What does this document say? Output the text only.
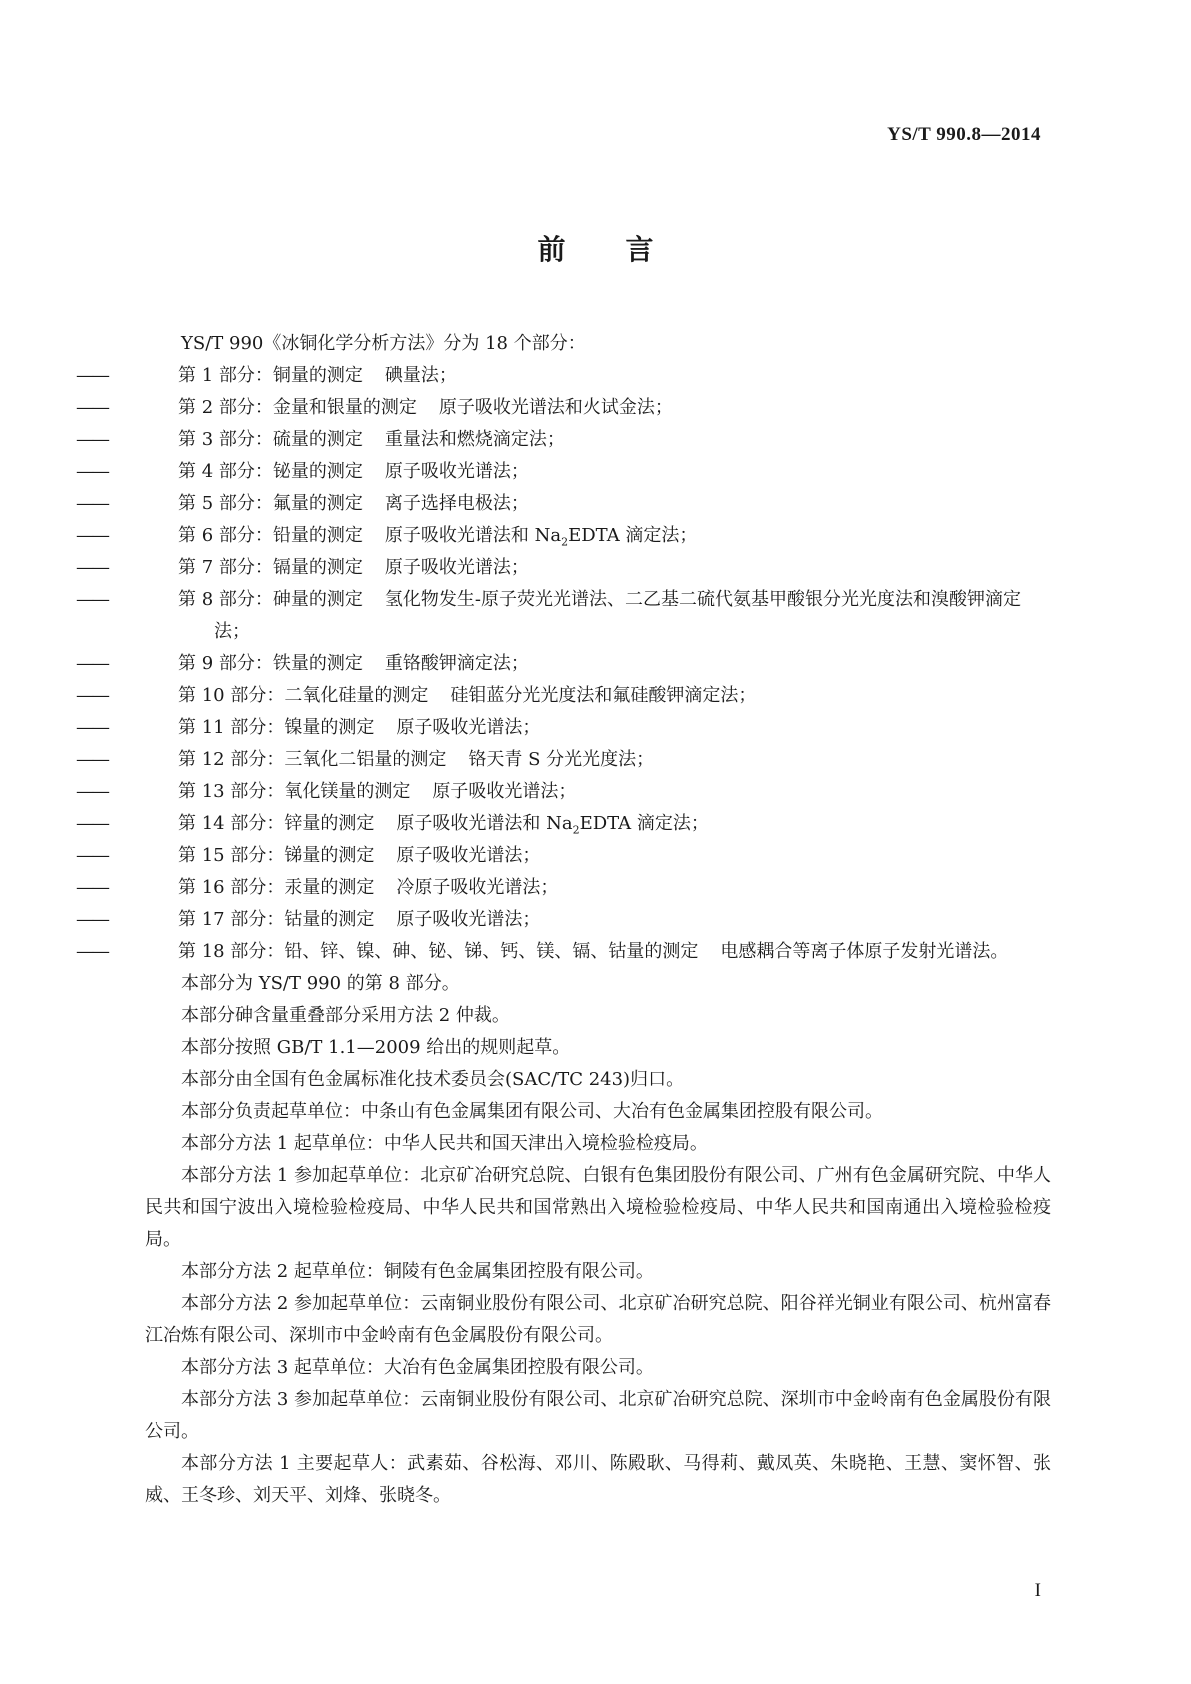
YS/T 990.8—2014
前 言

YS/T 990《冰铜化学分析方法》分为 18 个部分：

——	第 1 部分：铜量的测定 碘量法；

——	第 2 部分：金量和银量的测定 原子吸收光谱法和火试金法；

——	第 3 部分：硫量的测定 重量法和燃烧滴定法；

——	第 4 部分：铋量的测定 原子吸收光谱法；

——	第 5 部分：氟量的测定 离子选择电极法；

——	第 6 部分：铅量的测定 原子吸收光谱法和 $Na_2EDTA$ 滴定法；

——	第 7 部分：镉量的测定 原子吸收光谱法；

——	第 8 部分：砷量的测定 氢化物发生-原子荧光光谱法、二乙基二硫代氨基甲酸银分光光度法和溴酸钾滴定法；

——	第 9 部分：铁量的测定 重铬酸钾滴定法；

——	第 10 部分：二氧化硅量的测定 硅钼蓝分光光度法和氟硅酸钾滴定法；

——	第 11 部分：镍量的测定 原子吸收光谱法；

——	第 12 部分：三氧化二铝量的测定 铬天青 S 分光光度法；

——	第 13 部分：氧化镁量的测定 原子吸收光谱法；

——	第 14 部分：锌量的测定 原子吸收光谱法和 $Na_2EDTA$ 滴定法；

——	第 15 部分：锑量的测定 原子吸收光谱法；

——	第 16 部分：汞量的测定 冷原子吸收光谱法；

——	第 17 部分：钴量的测定 原子吸收光谱法；

——	第 18 部分：铅、锌、镍、砷、铋、锑、钙、镁、镉、钴量的测定 电感耦合等离子体原子发射光谱法。

本部分为 YS/T 990 的第 8 部分。

本部分砷含量重叠部分采用方法 2 仲裁。

本部分按照 GB/T 1.1—2009 给出的规则起草。

本部分由全国有色金属标准化技术委员会(SAC/TC 243)归口。

本部分负责起草单位：中条山有色金属集团有限公司、大冶有色金属集团控股有限公司。

本部分方法 1 起草单位：中华人民共和国天津出入境检验检疫局。

本部分方法 1 参加起草单位：北京矿冶研究总院、白银有色集团股份有限公司、广州有色金属研究院、中华人民共和国宁波出入境检验检疫局、中华人民共和国常熟出入境检验检疫局、中华人民共和国南通出入境检验检疫局。

本部分方法 2 起草单位：铜陵有色金属集团控股有限公司。

本部分方法 2 参加起草单位：云南铜业股份有限公司、北京矿冶研究总院、阳谷祥光铜业有限公司、杭州富春江冶炼有限公司、深圳市中金岭南有色金属股份有限公司。

本部分方法 3 起草单位：大冶有色金属集团控股有限公司。

本部分方法 3 参加起草单位：云南铜业股份有限公司、北京矿冶研究总院、深圳市中金岭南有色金属股份有限公司。

本部分方法 1 主要起草人：武素茹、谷松海、邓川、陈殿耿、马得莉、戴凤英、朱晓艳、王慧、窦怀智、张威、王冬珍、刘天平、刘烽、张晓冬。

I
